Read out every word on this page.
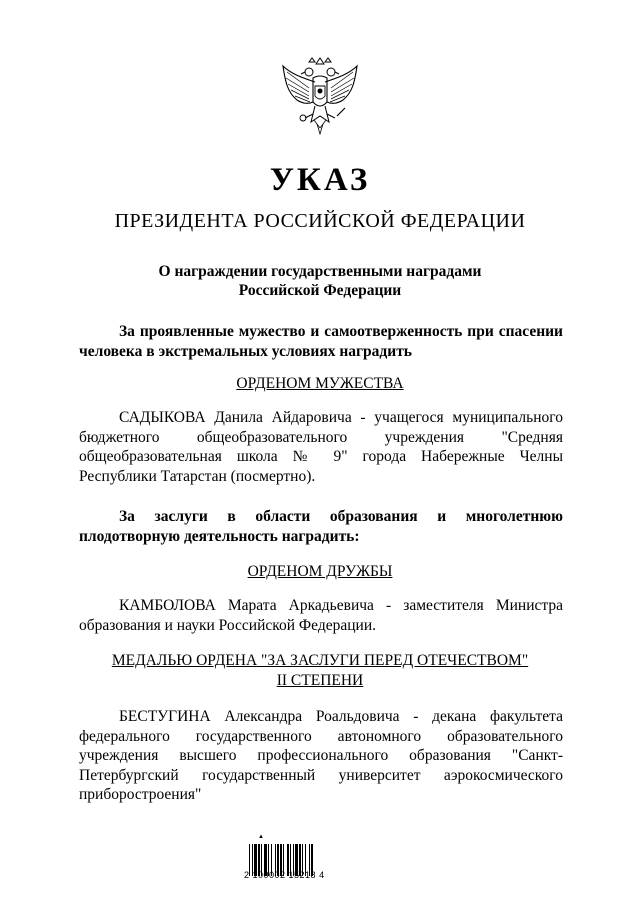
УКАЗ
ПРЕЗИДЕНТА РОССИЙСКОЙ ФЕДЕРАЦИИ
О награждении государственными наградами
Российской Федерации

За проявленные мужество и самоотверженность при спасении человека в экстремальных условиях наградить

ОРДЕНОМ МУЖЕСТВА

САДЫКОВА Данила Айдаровича - учащегося муниципального бюджетного общеобразовательного учреждения "Средняя общеобразовательная школа № 9" города Набережные Челны Республики Татарстан (посмертно).

За заслуги в области образования и многолетнюю плодотворную деятельность наградить:

ОРДЕНОМ ДРУЖБЫ

КАМБОЛОВА Марата Аркадьевича - заместителя Министра образования и науки Российской Федерации.

МЕДАЛЬЮ ОРДЕНА "ЗА ЗАСЛУГИ ПЕРЕД ОТЕЧЕСТВОМ"
II СТЕПЕНИ

БЕСТУГИНА Александра Роальдовича - декана факультета федерального государственного автономного образовательного учреждения высшего профессионального образования "Санкт-Петербургский государственный университет аэрокосмического приборостроения"

▲
2 100002 15218 4
